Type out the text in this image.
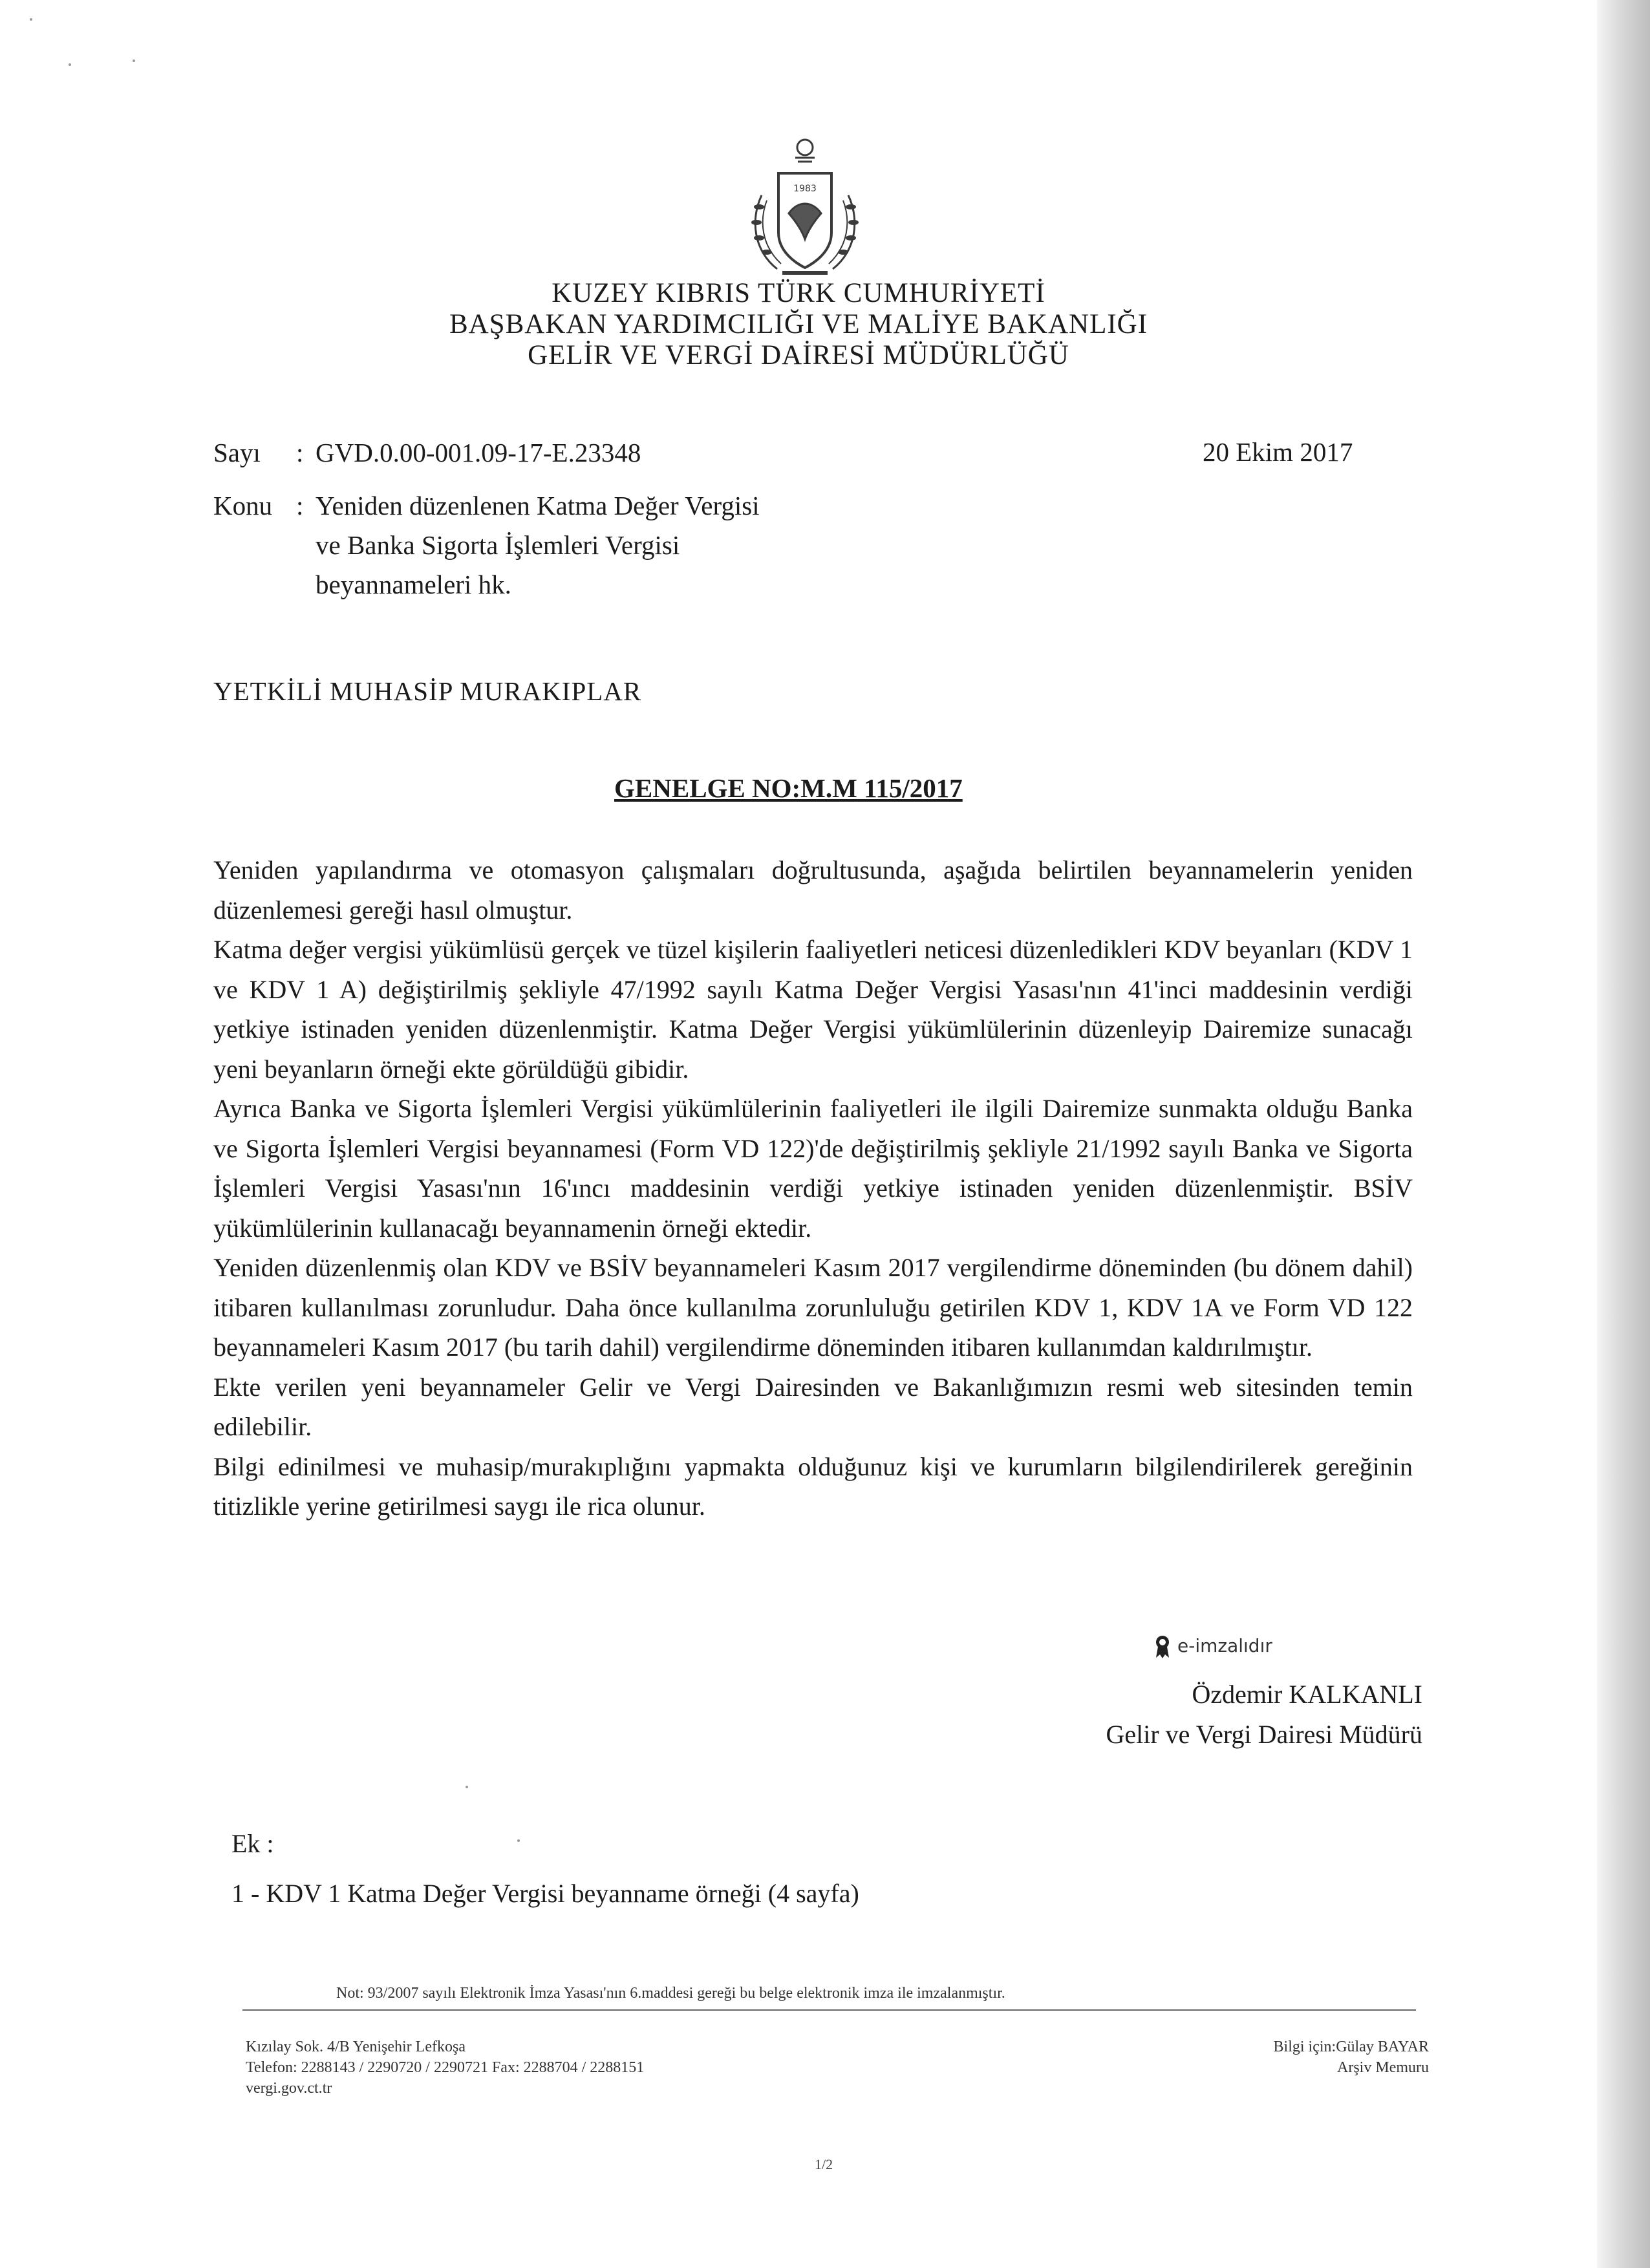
1983
KUZEY KIBRIS TÜRK CUMHURİYETİ
BAŞBAKAN YARDIMCILIĞI VE MALİYE BAKANLIĞI
GELİR VE VERGİ DAİRESİ MÜDÜRLÜĞÜ
Sayı : GVD.0.00-001.09-17-E.23348
Konu : Yeniden düzenlenen Katma Değer Vergisi
ve Banka Sigorta İşlemleri Vergisi
beyannameleri hk.
20 Ekim 2017
YETKİLİ MUHASİP MURAKIPLAR
GENELGE NO:M.M 115/2017

Yeniden yapılandırma ve otomasyon çalışmaları doğrultusunda, aşağıda belirtilen beyannamelerin yeniden düzenlemesi gereği hasıl olmuştur.

Katma değer vergisi yükümlüsü gerçek ve tüzel kişilerin faaliyetleri neticesi düzenledikleri KDV beyanları (KDV 1 ve KDV 1 A) değiştirilmiş şekliyle 47/1992 sayılı Katma Değer Vergisi Yasası'nın 41'inci maddesinin verdiği yetkiye istinaden yeniden düzenlenmiştir. Katma Değer Vergisi yükümlülerinin düzenleyip Dairemize sunacağı yeni beyanların örneği ekte görüldüğü gibidir.

Ayrıca Banka ve Sigorta İşlemleri Vergisi yükümlülerinin faaliyetleri ile ilgili Dairemize sunmakta olduğu Banka ve Sigorta İşlemleri Vergisi beyannamesi (Form VD 122)'de değiştirilmiş şekliyle 21/1992 sayılı Banka ve Sigorta İşlemleri Vergisi Yasası'nın 16'ıncı maddesinin verdiği yetkiye istinaden yeniden düzenlenmiştir. BSİV yükümlülerinin kullanacağı beyannamenin örneği ektedir.

Yeniden düzenlenmiş olan KDV ve BSİV beyannameleri Kasım 2017 vergilendirme döneminden (bu dönem dahil) itibaren kullanılması zorunludur. Daha önce kullanılma zorunluluğu getirilen KDV 1, KDV 1A ve Form VD 122 beyannameleri Kasım 2017 (bu tarih dahil) vergilendirme döneminden itibaren kullanımdan kaldırılmıştır.

Ekte verilen yeni beyannameler Gelir ve Vergi Dairesinden ve Bakanlığımızın resmi web sitesinden temin edilebilir.

Bilgi edinilmesi ve muhasip/murakıplığını yapmakta olduğunuz kişi ve kurumların bilgilendirilerek gereğinin titizlikle yerine getirilmesi saygı ile rica olunur.

e-imzalıdır
Özdemir KALKANLI
Gelir ve Vergi Dairesi Müdürü
Ek :
1 - KDV 1 Katma Değer Vergisi beyanname örneği (4 sayfa)
Not: 93/2007 sayılı Elektronik İmza Yasası'nın 6.maddesi gereği bu belge elektronik imza ile imzalanmıştır.
Kızılay Sok. 4/B Yenişehir Lefkoşa
Telefon: 2288143 / 2290720 / 2290721 Fax: 2288704 / 2288151
vergi.gov.ct.tr
Bilgi için:Gülay BAYAR
Arşiv Memuru
1/2
